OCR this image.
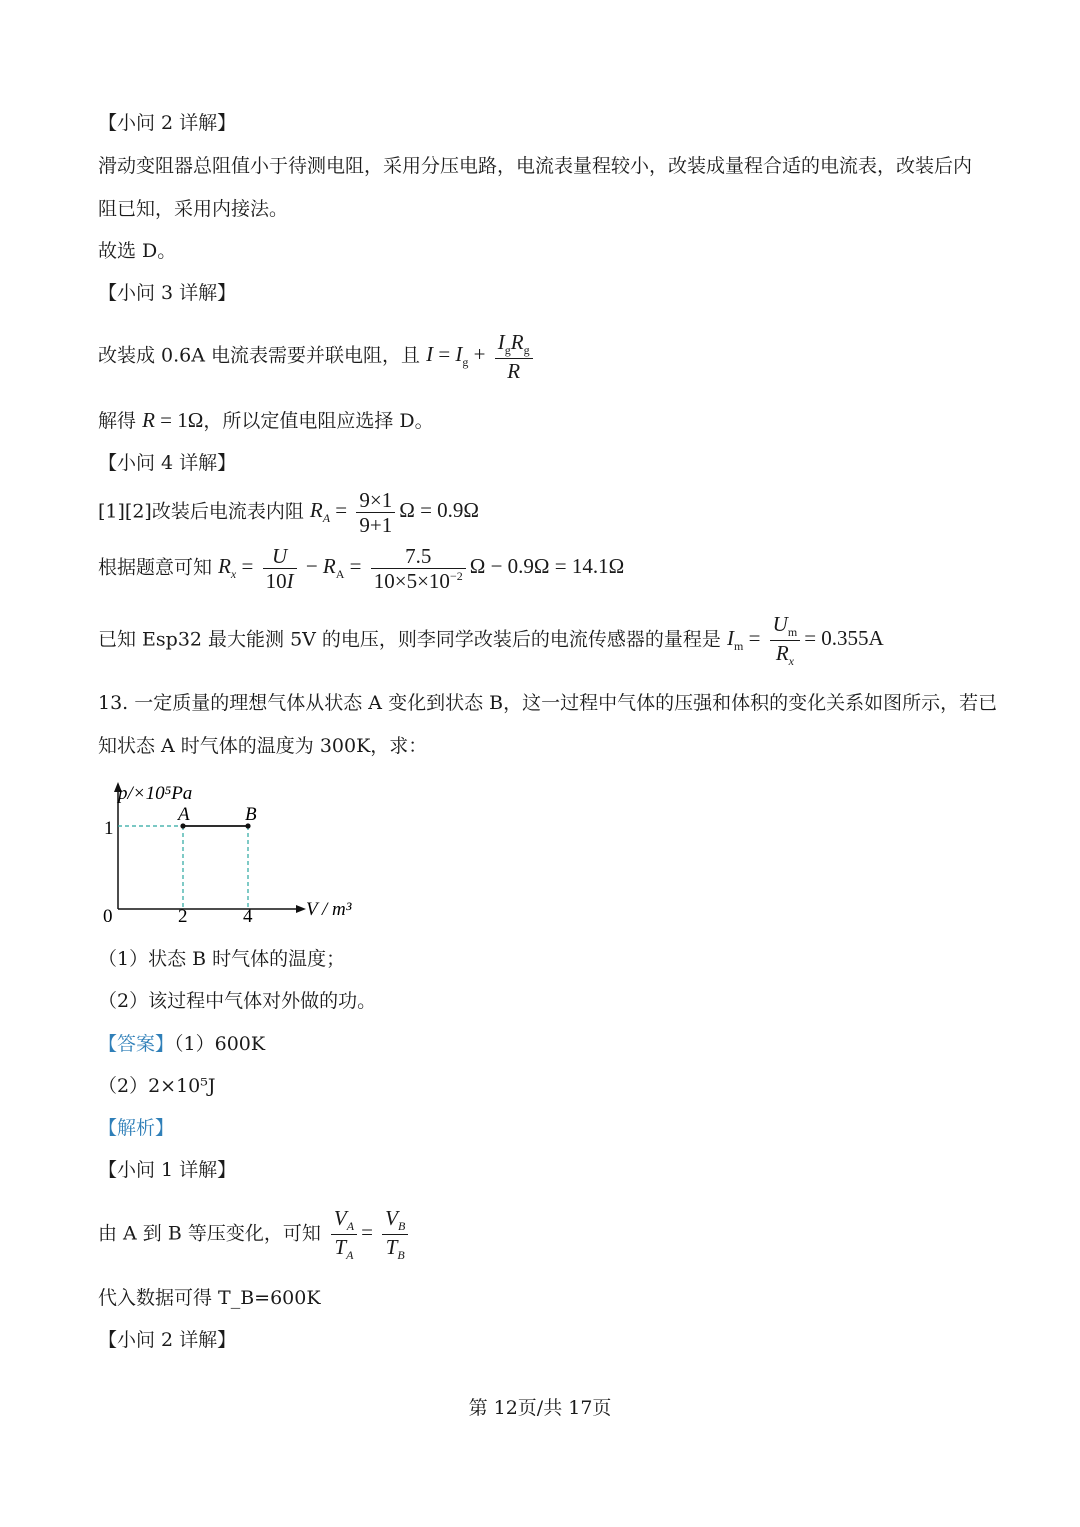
【小问 2 详解】
滑动变阻器总阻值小于待测电阻，采用分压电路，电流表量程较小，改装成量程合适的电流表，改装后内
阻已知，采用内接法。
故选 D。
【小问 3 详解】
改装成 0.6A 电流表需要并联电阻，且 $I = I_g + \frac{I_gR_g}{R}$
解得 R = 1Ω，所以定值电阻应选择 D。
【小问 4 详解】
[1][2]改装后电流表内阻 $R_A = \frac{9\times 1}{9+1}$ Ω = 0.9Ω
根据题意可知 $R_x = \frac{U}{10I} - R_A = \frac{7.5}{10\times 5\times 10^{-2}}$ Ω − 0.9Ω = 14.1Ω
已知 Esp32 最大能测 5V 的电压，则李同学改装后的电流传感器的量程是 $I_m = \frac{U_m}{R_x} = 0.355A$
13. 一定质量的理想气体从状态 A 变化到状态 B，这一过程中气体的压强和体积的变化关系如图所示，若已
知状态 A 时气体的温度为 300K，求：
p/×10⁵Pa
V / m³
0
1
2	4
A	B
（1）状态 B 时气体的温度；
（2）该过程中气体对外做的功。
【答案】（1）600K
（2）2×10⁵J
【解析】
【小问 1 详解】
由 A 到 B 等压变化，可知 $\frac{V_A}{T_A} = \frac{V_B}{T_B}$
代入数据可得 T_B=600K
【小问 2 详解】
第 12页/共 17页
